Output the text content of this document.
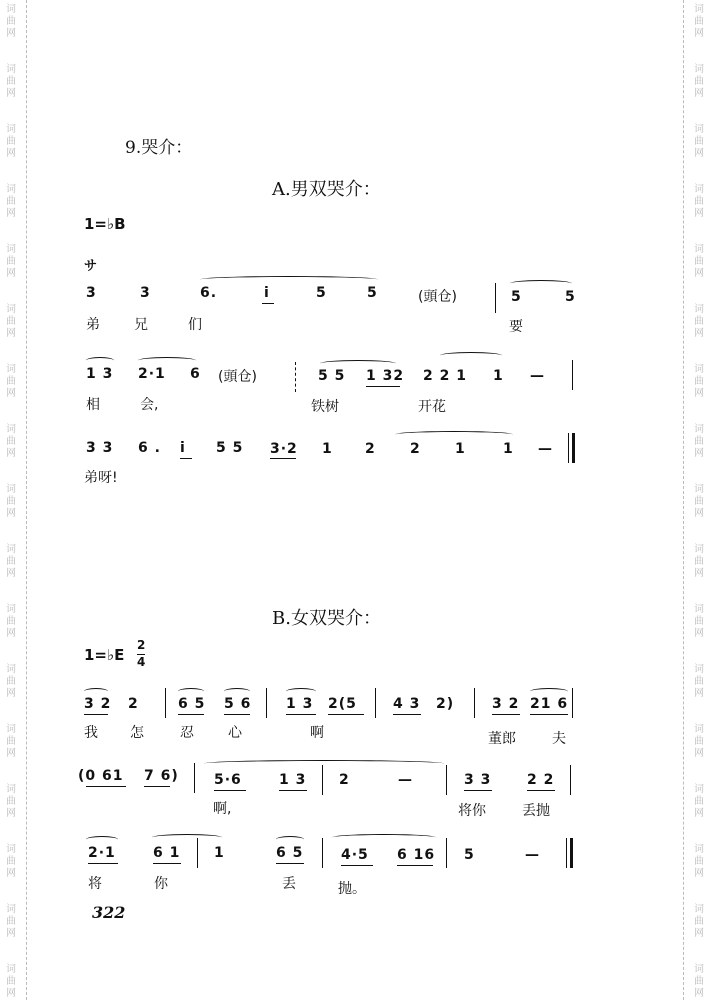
词
曲
网
词
曲
网
词
曲
网
词
曲
网
词
曲
网
词
曲
网
词
曲
网
词
曲
网
词
曲
网
词
曲
网
词
曲
网
词
曲
网
词
曲
网
词
曲
网
词
曲
网
词
曲
网
词
曲
网
词
曲
网
词
曲
网
词
曲
网
词
曲
网
词
曲
网
词
曲
网
词
曲
网
词
曲
网
词
曲
网
词
曲
网
词
曲
网
词
曲
网
词
曲
网
词
曲
网
词
曲
网
词
曲
网
词
曲
网
9.哭介：
A.男双哭介：
1=♭B
サ
3	3	6.	i	5	5	(頭仓)	5	5
弟 兄	们	要
1 3 2·1 6 (頭仓)	5 5 1 32 2 2 1 1 —
相	会,	铁树	开花
3 3 6 . i 5 5 3·2 1 2 2 1	1 —
弟呀!
B.女双哭介：
1=♭E
2
4
3 2 2	6 5 5 6 1 3 2(5	4 3 2)	3 2 21 6
我 怎	忍 心	啊	董郎	夫
(0 61 7 6)	5·6	1 3 2	—	3 3	2 2
啊,	将你	丢抛
2·1	6 1 1	6 5	4·5 6 16 5	—
将	你	丢	抛。
322
